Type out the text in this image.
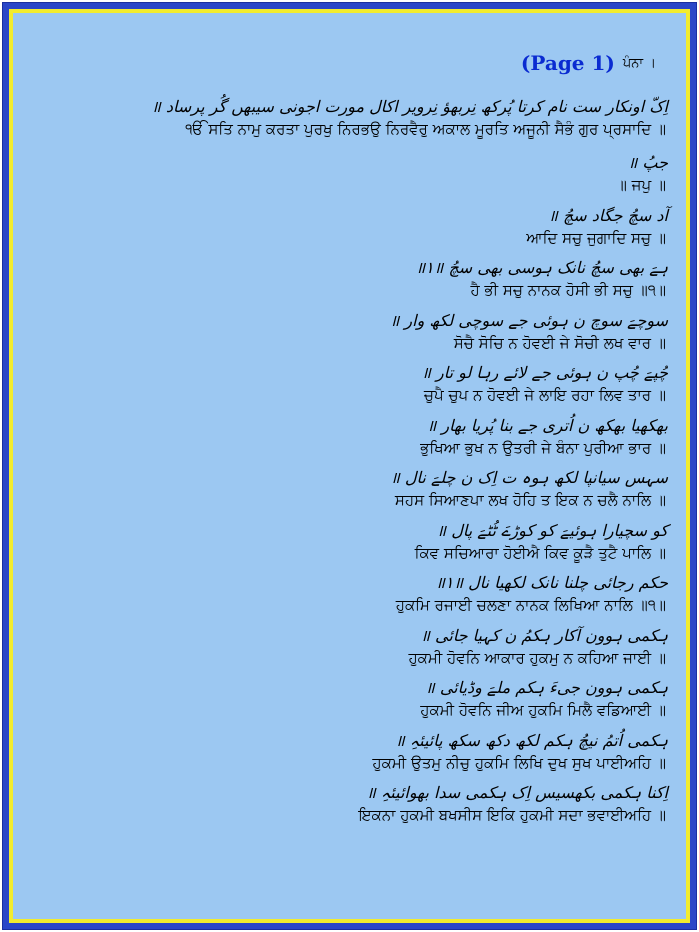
(Page 1) ਪੰਨਾ ।
اِکّ اونکار ست نام کرتا پُرکھ نِربھؤ نِرویر اکال مورت اجونی سیبھں گُر پرساد ॥
ੴ ਸਤਿ ਨਾਮੁ ਕਰਤਾ ਪੁਰਖੁ ਨਿਰਭਉ ਨਿਰਵੈਰੁ ਅਕਾਲ ਮੂਰਤਿ ਅਜੂਨੀ ਸੈਭੰ ਗੁਰ ਪ੍ਰਸਾਦਿ ॥
جپُ ॥
॥ ਜਪੁ ॥
آد سچُ جگاد سچُ ॥
ਆਦਿ ਸਚੁ ਜੁਗਾਦਿ ਸਚੁ ॥
ہےَ بھی سچُ نانک ہوسی بھی سچُ ॥۱॥
ਹੈ ਭੀ ਸਚੁ ਨਾਨਕ ਹੋਸੀ ਭੀ ਸਚੁ ॥੧॥
سوچےَ سوچ ن ہوئی جے سوچی لکھ وار ॥
ਸੋਚੈ ਸੋਚਿ ਨ ਹੋਵਈ ਜੇ ਸੋਚੀ ਲਖ ਵਾਰ ॥
چُپےَ چُپ ن ہوئی جے لائے رہا لو تار ॥
ਚੁਪੈ ਚੁਪ ਨ ਹੋਵਈ ਜੇ ਲਾਇ ਰਹਾ ਲਿਵ ਤਾਰ ॥
بھکھیا بھکھ ن اُتری جے بنا پُریا بھار ॥
ਭੁਖਿਆ ਭੁਖ ਨ ਉਤਰੀ ਜੇ ਬੰਨਾ ਪੁਰੀਆ ਭਾਰ ॥
سہس سیانپا لکھ ہوہ ت اِک ن چلےَ نال ॥
ਸਹਸ ਸਿਆਣਪਾ ਲਖ ਹੋਹਿ ਤ ਇਕ ਨ ਚਲੈ ਨਾਲਿ ॥
کو سچیارا ہوئیےَ کو کوڑےَ ٹُٹےَ پال ॥
ਕਿਵ ਸਚਿਆਰਾ ਹੋਈਐ ਕਿਵ ਕੂੜੈ ਤੁਟੈ ਪਾਲਿ ॥
حکم رجائی چلنا نانک لکھیا نال ॥۱॥
ਹੁਕਮਿ ਰਜਾਈ ਚਲਣਾ ਨਾਨਕ ਲਿਖਿਆ ਨਾਲਿ ॥੧॥
ہکمی ہوون آکار ہکمُ ن کہیا جائی ॥
ਹੁਕਮੀ ਹੋਵਨਿ ਆਕਾਰ ਹੁਕਮੁ ਨ ਕਹਿਆ ਜਾਈ ॥
ہکمی ہوون جیءَ ہکم ملےَ وڈیائی ॥
ਹੁਕਮੀ ਹੋਵਨਿ ਜੀਅ ਹੁਕਮਿ ਮਿਲੈ ਵਡਿਆਈ ॥
ہکمی اُتمُ نیچُ ہکم لکھ دکھ سکھ پائیئہِ ॥
ਹੁਕਮੀ ਉਤਮੁ ਨੀਚੁ ਹੁਕਮਿ ਲਿਖਿ ਦੁਖ ਸੁਖ ਪਾਈਅਹਿ ॥
اِکنا ہکمی بکھسیس اِک ہکمی سدا بھوائیئہِ ॥
ਇਕਨਾ ਹੁਕਮੀ ਬਖਸੀਸ ਇਕਿ ਹੁਕਮੀ ਸਦਾ ਭਵਾਈਅਹਿ ॥
